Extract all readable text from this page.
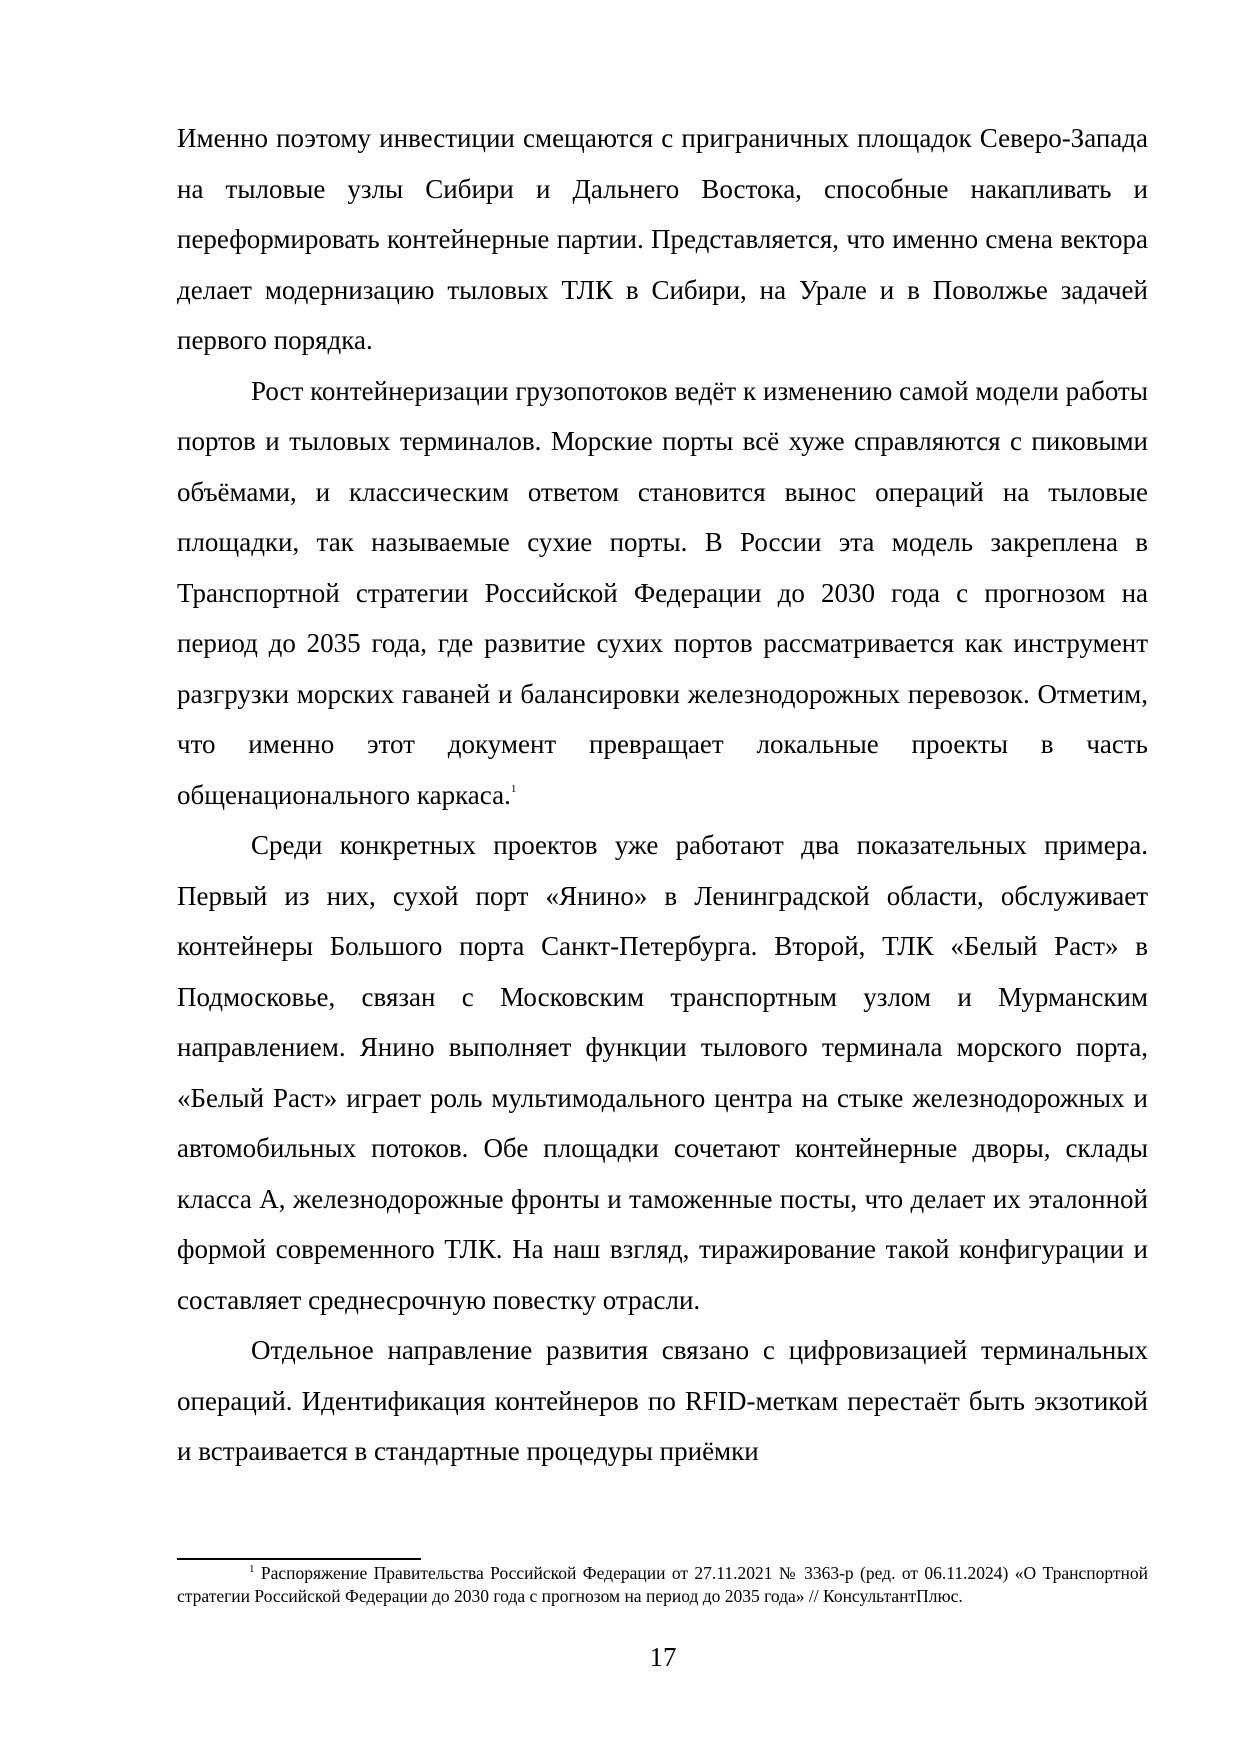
Именно поэтому инвестиции смещаются с приграничных площадок Северо-Запада на тыловые узлы Сибири и Дальнего Востока, способные накапливать и переформировать контейнерные партии. Представляется, что именно смена вектора делает модернизацию тыловых ТЛК в Сибири, на Урале и в Поволжье задачей первого порядка.

Рост контейнеризации грузопотоков ведёт к изменению самой модели работы портов и тыловых терминалов. Морские порты всё хуже справляются с пиковыми объёмами, и классическим ответом становится вынос операций на тыловые площадки, так называемые сухие порты. В России эта модель закреплена в Транспортной стратегии Российской Федерации до 2030 года с прогнозом на период до 2035 года, где развитие сухих портов рассматривается как инструмент разгрузки морских гаваней и балансировки железнодорожных перевозок. Отметим, что именно этот документ превращает локальные проекты в часть общенационального каркаса.$^1$

Среди конкретных проектов уже работают два показательных примера. Первый из них, сухой порт «Янино» в Ленинградской области, обслуживает контейнеры Большого порта Санкт-Петербурга. Второй, ТЛК «Белый Раст» в Подмосковье, связан с Московским транспортным узлом и Мурманским направлением. Янино выполняет функции тылового терминала морского порта, «Белый Раст» играет роль мультимодального центра на стыке железнодорожных и автомобильных потоков. Обе площадки сочетают контейнерные дворы, склады класса А, железнодорожные фронты и таможенные посты, что делает их эталонной формой современного ТЛК. На наш взгляд, тиражирование такой конфигурации и составляет среднесрочную повестку отрасли.

Отдельное направление развития связано с цифровизацией терминальных операций. Идентификация контейнеров по RFID-меткам перестаёт быть экзотикой и встраивается в стандартные процедуры приёмки

$^1$ Распоряжение Правительства Российской Федерации от 27.11.2021 № 3363-р (ред. от 06.11.2024) «О Транспортной стратегии Российской Федерации до 2030 года с прогнозом на период до 2035 года» // КонсультантПлюс.

17
